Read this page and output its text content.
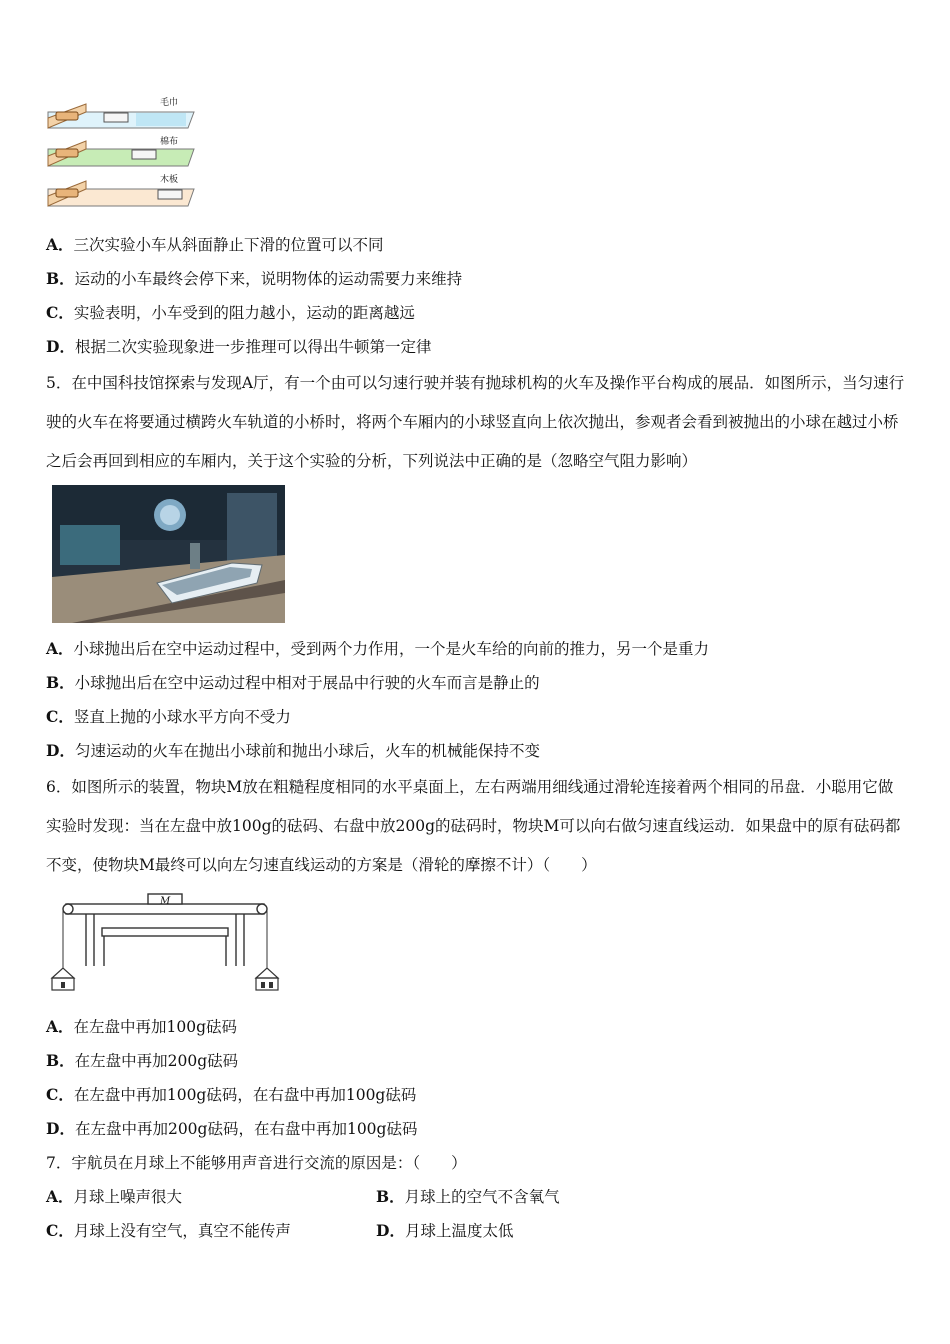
毛巾
棉布
木板
A．三次实验小车从斜面静止下滑的位置可以不同
B．运动的小车最终会停下来，说明物体的运动需要力来维持
C．实验表明，小车受到的阻力越小，运动的距离越远
D．根据二次实验现象进一步推理可以得出牛顿第一定律
5．在中国科技馆探索与发现A厅，有一个由可以匀速行驶并装有抛球机构的火车及操作平台构成的展品．如图所示，当匀速行驶的火车在将要通过横跨火车轨道的小桥时，将两个车厢内的小球竖直向上依次抛出，参观者会看到被抛出的小球在越过小桥之后会再回到相应的车厢内，关于这个实验的分析，下列说法中正确的是（忽略空气阻力影响）
A．小球抛出后在空中运动过程中，受到两个力作用，一个是火车给的向前的推力，另一个是重力
B．小球抛出后在空中运动过程中相对于展品中行驶的火车而言是静止的
C．竖直上抛的小球水平方向不受力
D．匀速运动的火车在抛出小球前和抛出小球后，火车的机械能保持不变
6．如图所示的装置，物块M放在粗糙程度相同的水平桌面上，左右两端用细线通过滑轮连接着两个相同的吊盘．小聪用它做实验时发现：当在左盘中放100g的砝码、右盘中放200g的砝码时，物块M可以向右做匀速直线运动．如果盘中的原有砝码都不变，使物块M最终可以向左匀速直线运动的方案是（滑轮的摩擦不计）（　　）
M
A．在左盘中再加100g砝码
B．在左盘中再加200g砝码
C．在左盘中再加100g砝码，在右盘中再加100g砝码
D．在左盘中再加200g砝码，在右盘中再加100g砝码
7．宇航员在月球上不能够用声音进行交流的原因是：（　　）
A．月球上噪声很大	B．月球上的空气不含氧气
C．月球上没有空气，真空不能传声	D．月球上温度太低
